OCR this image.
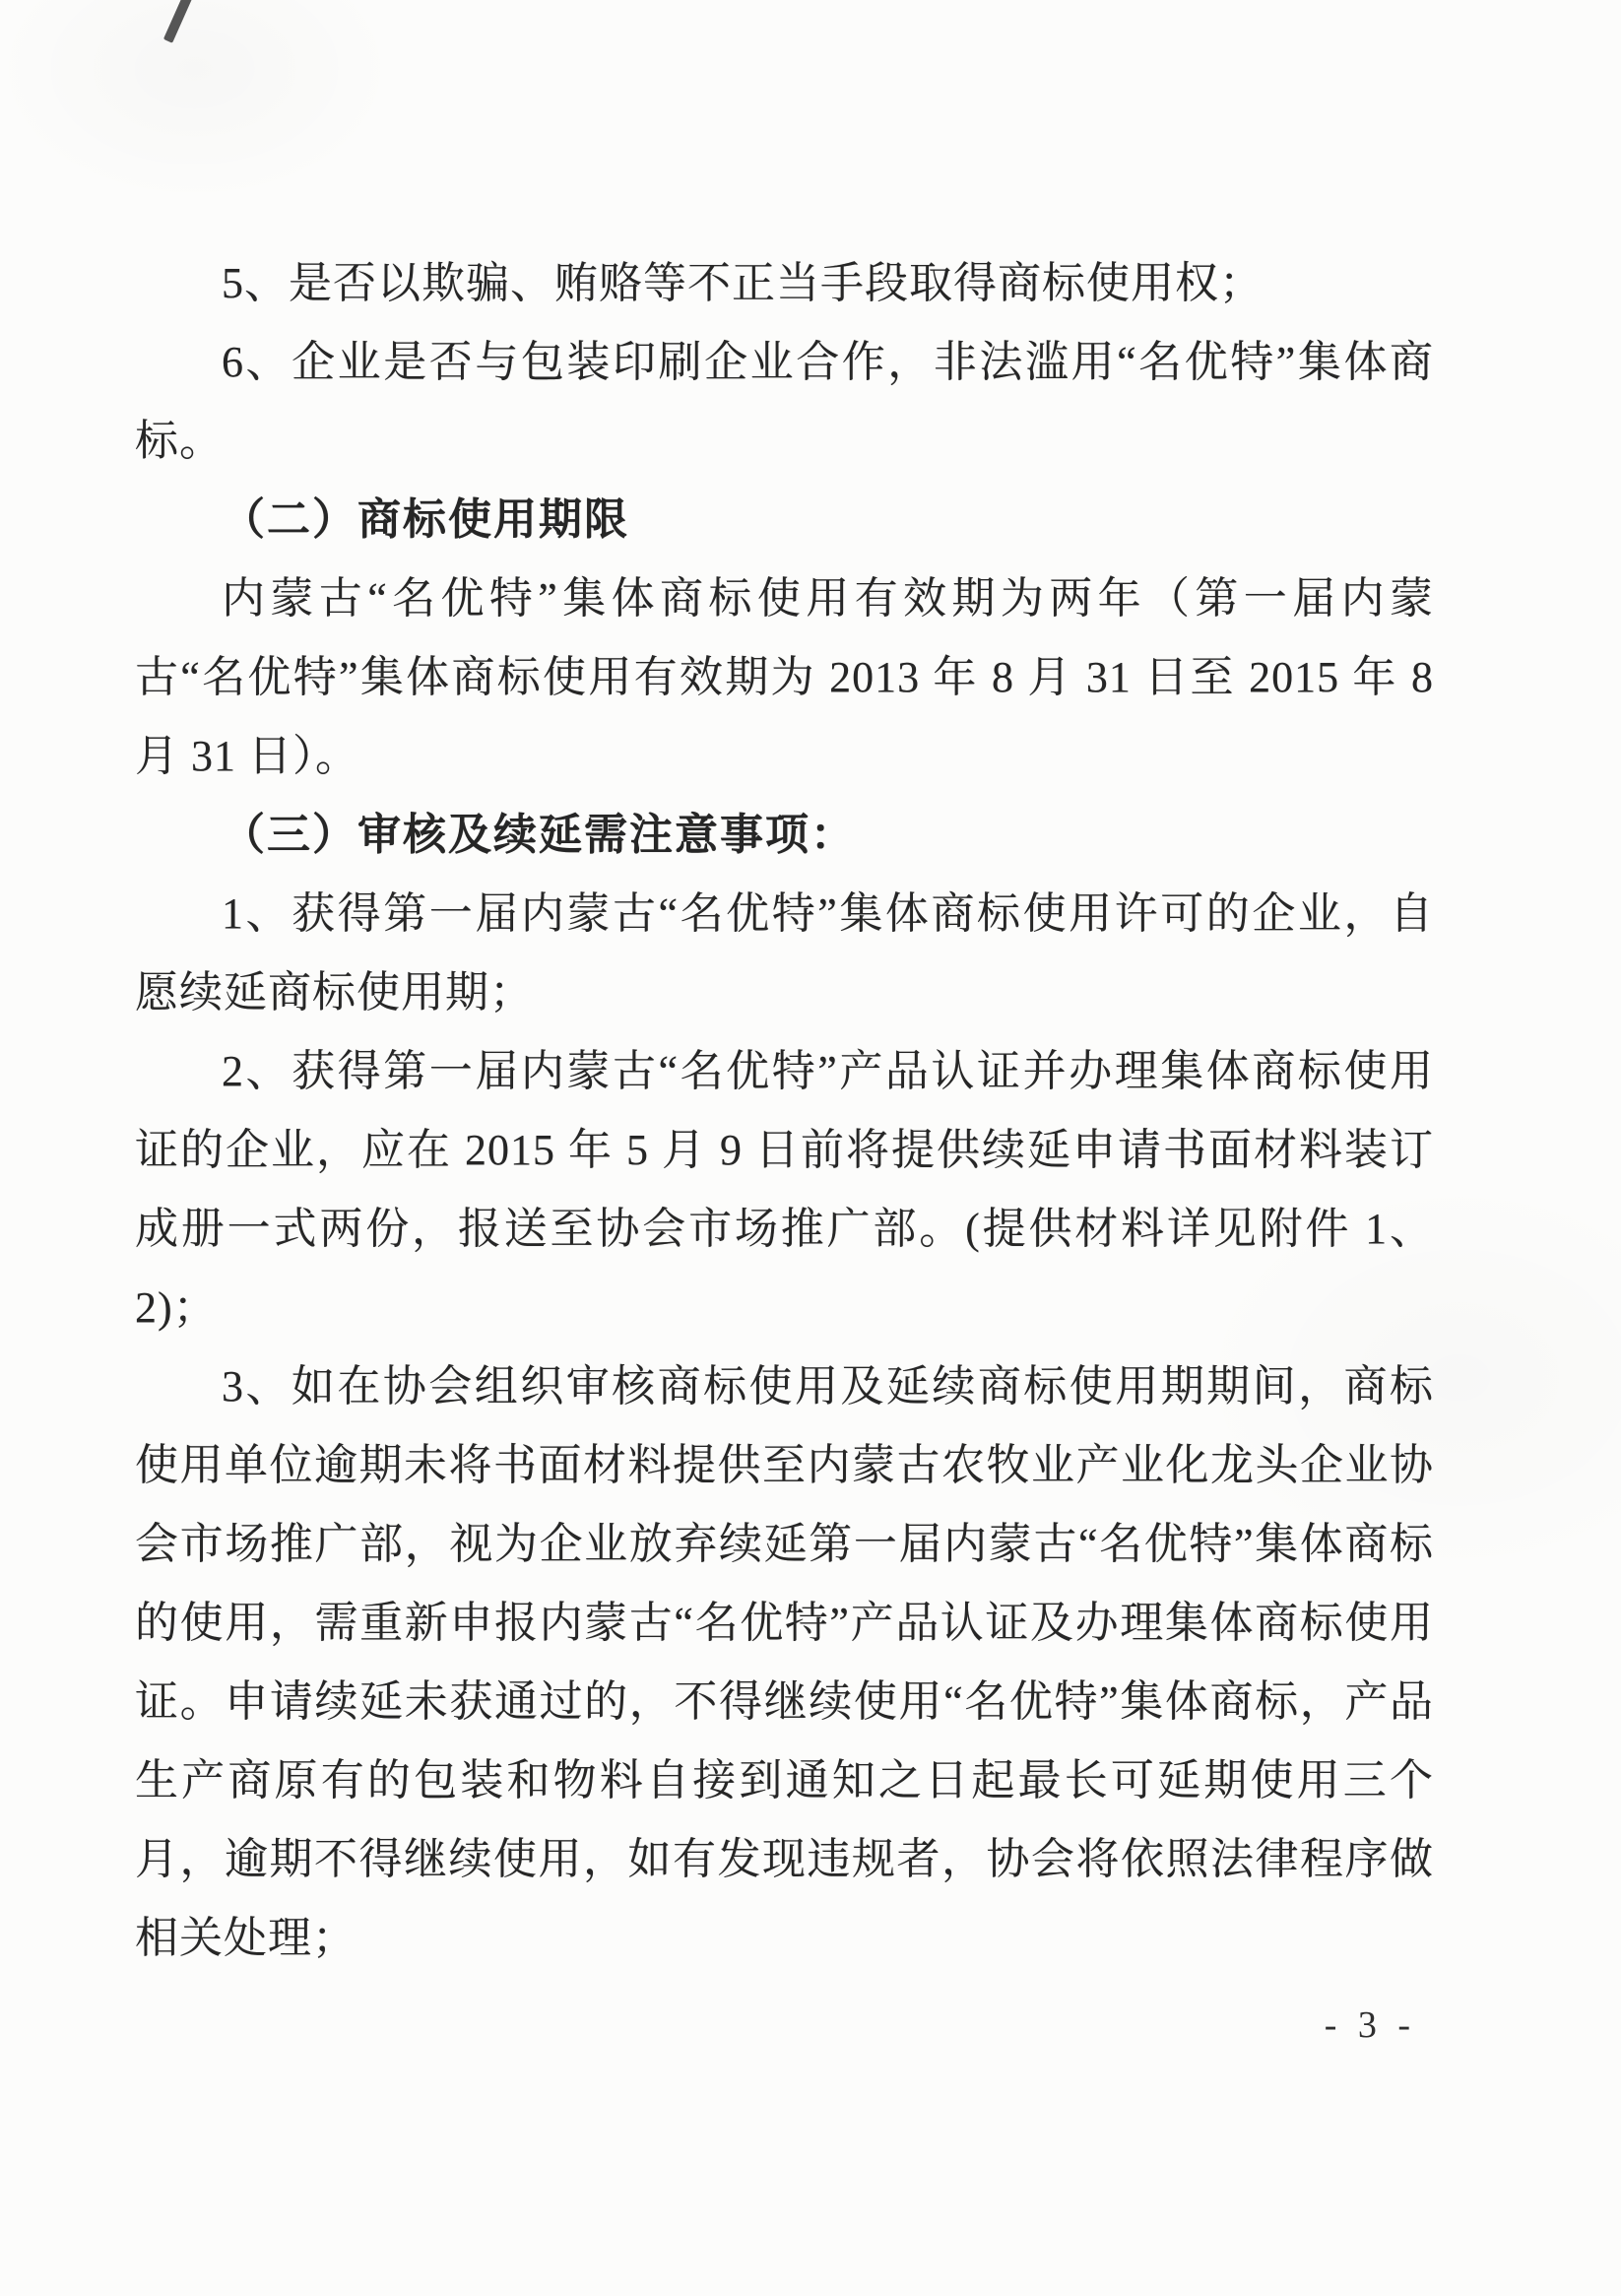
5、是否以欺骗、贿赂等不正当手段取得商标使用权；

6、企业是否与包装印刷企业合作，非法滥用“名优特”集体商标。

（二）商标使用期限

内蒙古“名优特”集体商标使用有效期为两年（第一届内蒙古“名优特”集体商标使用有效期为 2013 年 8 月 31 日至 2015 年 8 月 31 日）。

（三）审核及续延需注意事项：

1、获得第一届内蒙古“名优特”集体商标使用许可的企业，自愿续延商标使用期；

2、获得第一届内蒙古“名优特”产品认证并办理集体商标使用证的企业，应在 2015 年 5 月 9 日前将提供续延申请书面材料装订成册一式两份，报送至协会市场推广部。(提供材料详见附件 1、2)；

3、如在协会组织审核商标使用及延续商标使用期期间，商标使用单位逾期未将书面材料提供至内蒙古农牧业产业化龙头企业协会市场推广部，视为企业放弃续延第一届内蒙古“名优特”集体商标的使用，需重新申报内蒙古“名优特”产品认证及办理集体商标使用证。申请续延未获通过的，不得继续使用“名优特”集体商标，产品生产商原有的包装和物料自接到通知之日起最长可延期使用三个月，逾期不得继续使用，如有发现违规者，协会将依照法律程序做相关处理；

- 3 -
